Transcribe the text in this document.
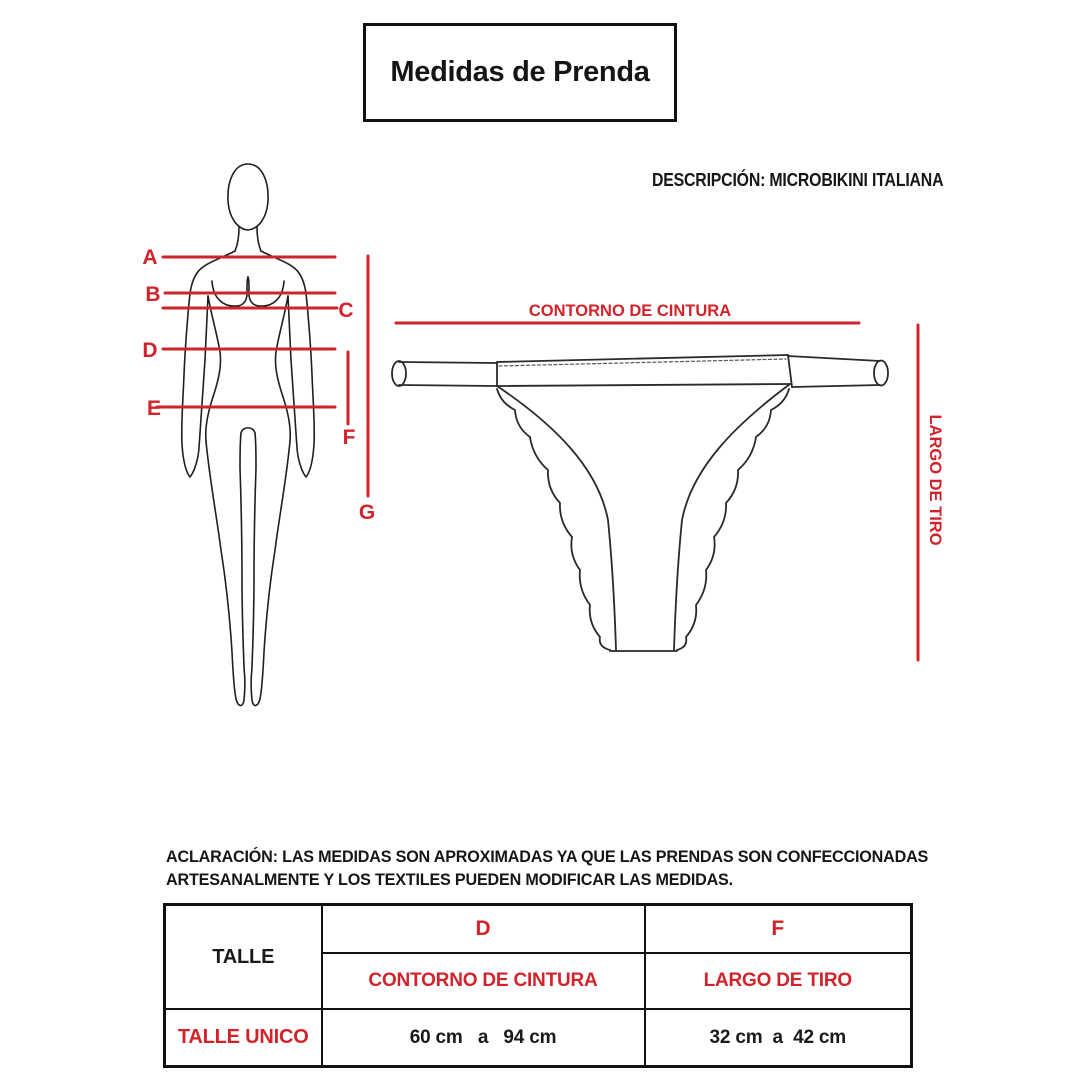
A
B
C
D
E
F
G
CONTORNO DE CINTURA
LARGO DE TIRO
Medidas de Prenda
DESCRIPCIÓN: MICROBIKINI ITALIANA
ACLARACIÓN: LAS MEDIDAS SON APROXIMADAS YA QUE LAS PRENDAS SON CONFECCIONADAS
ARTESANALMENTE Y LOS TEXTILES PUEDEN MODIFICAR LAS MEDIDAS.
TALLE	D	F
	CONTORNO DE CINTURA	LARGO DE TIRO
TALLE UNICO	60 cm   a   94 cm	32 cm  a  42 cm
